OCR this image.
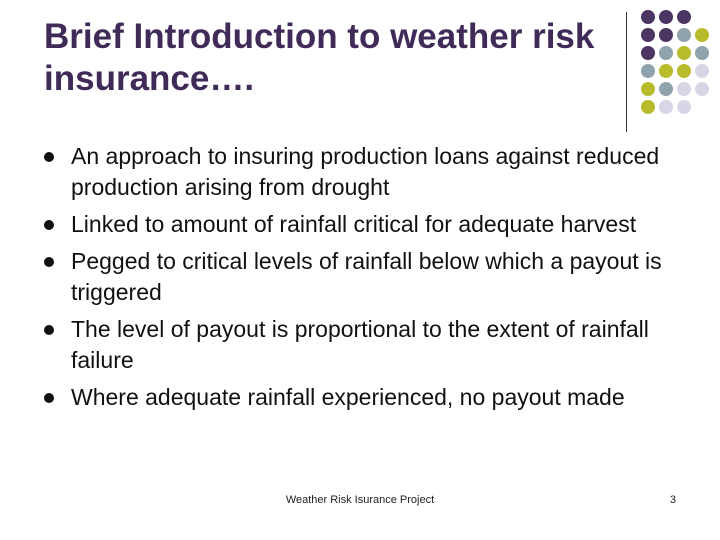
Brief Introduction to weather risk insurance….
An approach to insuring production loans against reduced production arising from drought
Linked to amount of rainfall critical for adequate harvest
Pegged to critical levels of rainfall below which a payout is triggered
The level of payout is proportional to the extent of rainfall failure
Where adequate rainfall experienced, no payout made
Weather Risk Isurance Project	3
